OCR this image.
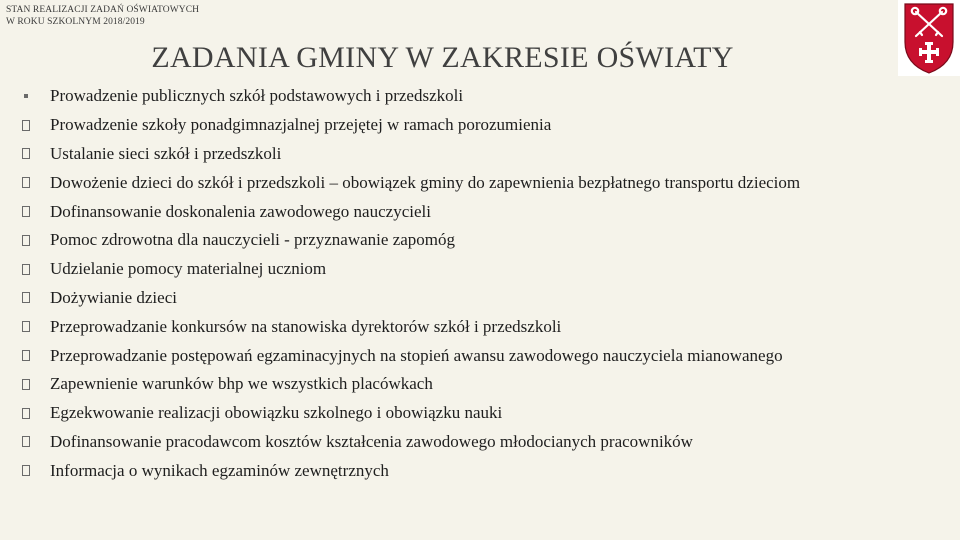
STAN REALIZACJI ZADAŃ OŚWIATOWYCH
W ROKU SZKOLNYM 2018/2019
ZADANIA GMINY W ZAKRESIE OŚWIATY
Prowadzenie publicznych szkół podstawowych i przedszkoli
Prowadzenie szkoły ponadgimnazjalnej przejętej w ramach porozumienia
Ustalanie sieci szkół i przedszkoli
Dowożenie dzieci do szkół i przedszkoli – obowiązek gminy do zapewnienia bezpłatnego transportu dzieciom
Dofinansowanie doskonalenia zawodowego nauczycieli
Pomoc zdrowotna dla nauczycieli - przyznawanie zapomóg
Udzielanie pomocy materialnej uczniom
Dożywianie dzieci
Przeprowadzanie konkursów na stanowiska dyrektorów szkół i przedszkoli
Przeprowadzanie postępowań egzaminacyjnych na stopień awansu zawodowego nauczyciela mianowanego
Zapewnienie warunków bhp we wszystkich placówkach
Egzekwowanie realizacji obowiązku szkolnego i obowiązku nauki
Dofinansowanie pracodawcom kosztów kształcenia zawodowego młodocianych pracowników
Informacja o wynikach egzaminów zewnętrznych
